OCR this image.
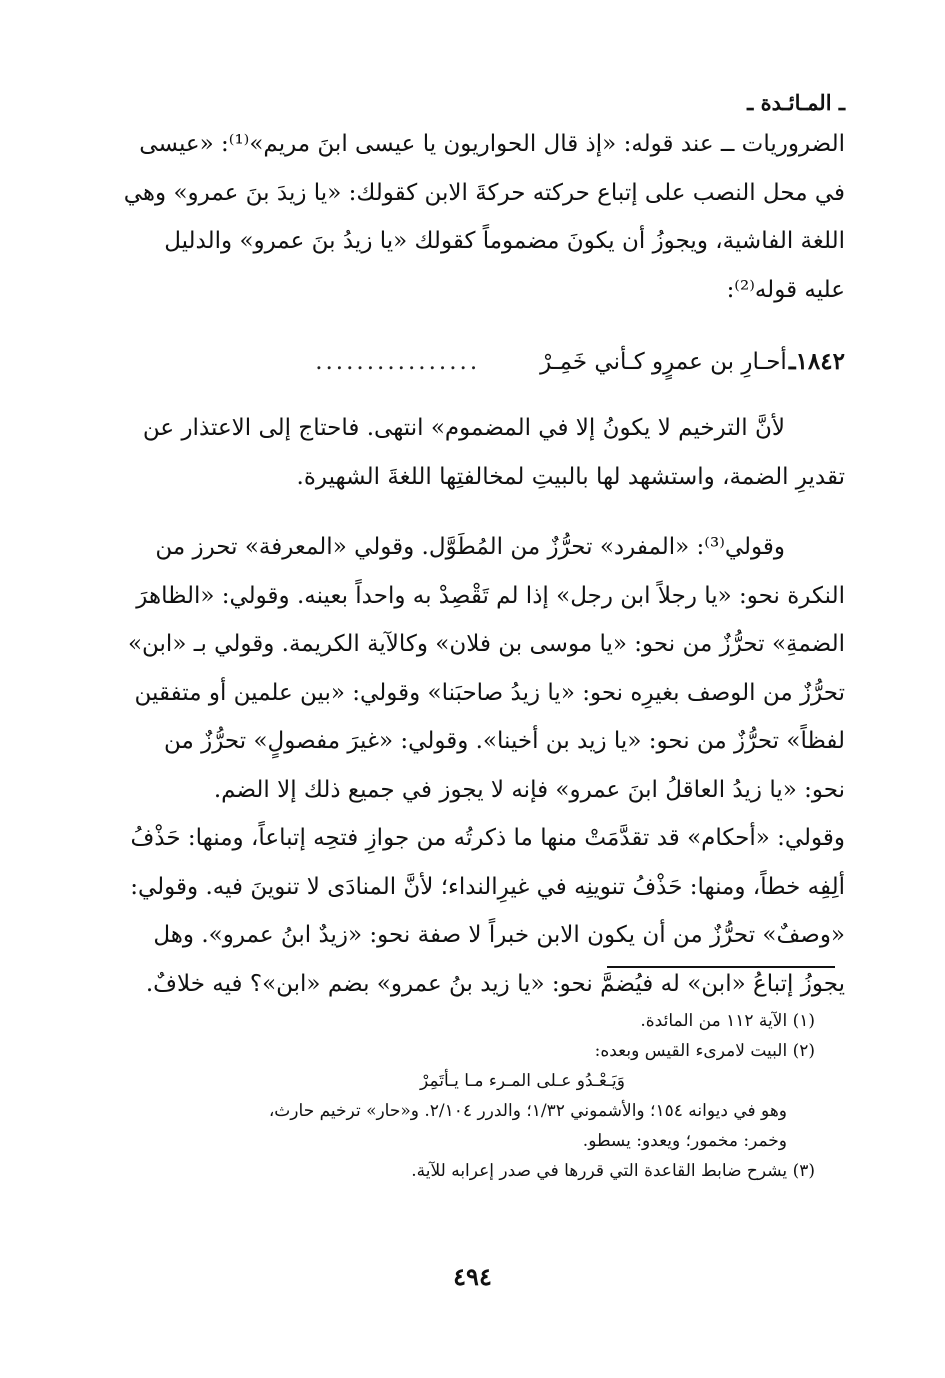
ـ المـائـدة ـ

الضروريات ــ عند قوله: «إذ قال الحواريون يا عيسى ابنَ مريم»⁽¹⁾: «عيسى
في محل النصب على إتباع حركته حركةَ الابن كقولك: «يا زيدَ بنَ عمرو» وهي
اللغة الفاشية، ويجوزُ أن يكونَ مضموماً كقولك «يا زيدُ بنَ عمرو» والدليل
عليه قوله⁽²⁾:

١٨٤٢ـ
أحـارِ بن عمرٍو كـأني خَمِـرْ
................

لأنَّ الترخيم لا يكونُ إلا في المضموم» انتهى. فاحتاج إلى الاعتذار عن
تقديرِ الضمة، واستشهد لها بالبيتِ لمخالفتِها اللغةَ الشهيرة.

وقولي⁽³⁾: «المفرد» تحرُّزٌ من المُطَوَّل. وقولي «المعرفة» تحرز من
النكرة نحو: «يا رجلاً ابن رجل» إذا لم تَقْصِدْ به واحداً بعينه. وقولي: «الظاهرَ
الضمةِ» تحرُّزٌ من نحو: «يا موسى بن فلان» وكالآية الكريمة. وقولي بـ «ابن»
تحرُّزٌ من الوصف بغيرِه نحو: «يا زيدُ صاحبَنا» وقولي: «بين علمين أو متفقين
لفظاً» تحرُّزٌ من نحو: «يا زيد بن أخينا». وقولي: «غيرَ مفصولٍ» تحرُّزٌ من
نحو: «يا زيدُ العاقلُ ابنَ عمرو» فإنه لا يجوز في جميع ذلك إلا الضم.
وقولي: «أحكام» قد تقدَّمَتْ منها ما ذكرتُه من جوازِ فتحِه إتباعاً، ومنها: حَذْفُ
ألِفِه خطاً، ومنها: حَذْفُ تنوينِه في غيرِالنداء؛ لأنَّ المنادَى لا تنوينَ فيه. وقولي:
«وصفٌ» تحرُّزٌ من أن يكون الابن خبراً لا صفة نحو: «زيدٌ ابنُ عمرو». وهل
يجوزُ إتباعُ «ابن» له فيُضمَّ نحو: «يا زيد بنُ عمرو» بضم «ابن»؟ فيه خلافٌ.

(١) الآية ١١٢ من المائدة.
(٢) البيت لامرىء القيس وبعده:
وَيَـعْـدُو عـلى المـرء مـا يـأتَمِرْ
وهو في ديوانه ١٥٤؛ والأشموني ١/٣٢؛ والدرر ٢/١٠٤. و«حار» ترخيم حارث،
وخمر: مخمور؛ ويعدو: يسطو.
(٣) يشرح ضابط القاعدة التي قررها في صدر إعرابه للآية.
٤٩٤
